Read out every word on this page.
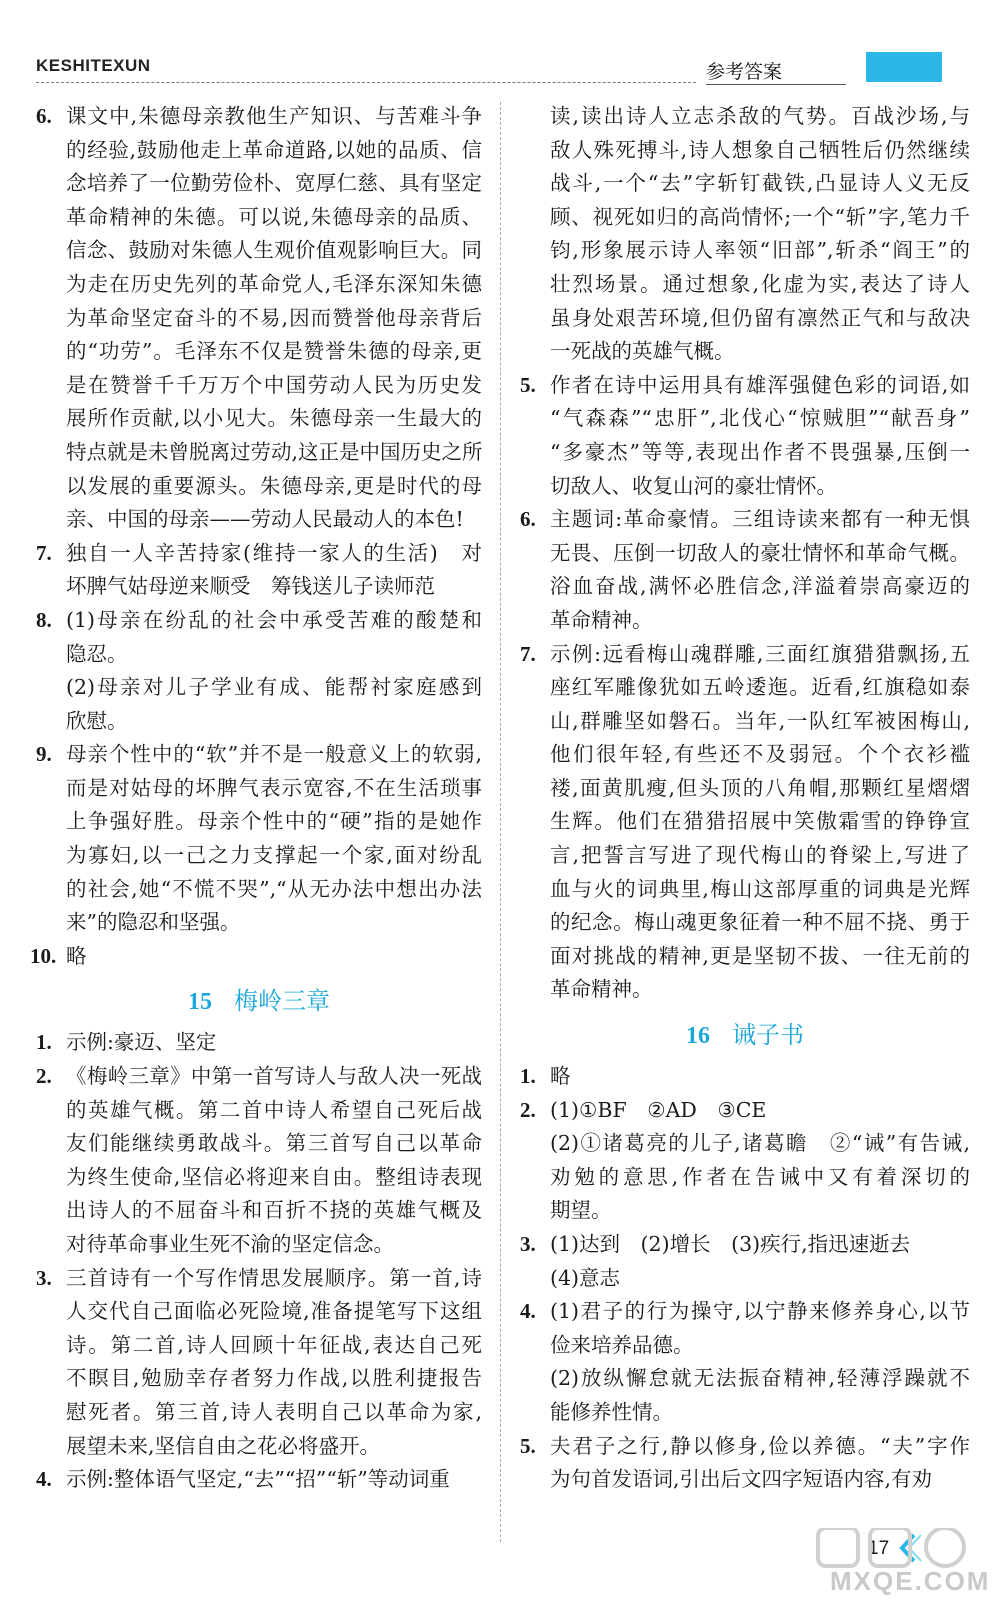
KESHITEXUN	参考答案
6. 课文中,朱德母亲教他生产知识、与苦难斗争
的经验,鼓励他走上革命道路,以她的品质、信
念培养了一位勤劳俭朴、宽厚仁慈、具有坚定
革命精神的朱德。可以说,朱德母亲的品质、
信念、鼓励对朱德人生观价值观影响巨大。同
为走在历史先列的革命党人,毛泽东深知朱德
为革命坚定奋斗的不易,因而赞誉他母亲背后
的“功劳”。毛泽东不仅是赞誉朱德的母亲,更
是在赞誉千千万万个中国劳动人民为历史发
展所作贡献,以小见大。朱德母亲一生最大的
特点就是未曾脱离过劳动,这正是中国历史之所
以发展的重要源头。朱德母亲,更是时代的母
亲、中国的母亲——劳动人民最动人的本色!
7. 独自一人辛苦持家(维持一家人的生活)　对
坏脾气姑母逆来顺受　筹钱送儿子读师范
8. (1)母亲在纷乱的社会中承受苦难的酸楚和
隐忍。
(2)母亲对儿子学业有成、能帮衬家庭感到
欣慰。
9. 母亲个性中的“软”并不是一般意义上的软弱,
而是对姑母的坏脾气表示宽容,不在生活琐事
上争强好胜。母亲个性中的“硬”指的是她作
为寡妇,以一己之力支撑起一个家,面对纷乱
的社会,她“不慌不哭”,“从无办法中想出办法
来”的隐忍和坚强。
10. 略
15 梅岭三章
1. 示例:豪迈、坚定
2. 《梅岭三章》中第一首写诗人与敌人决一死战
的英雄气概。第二首中诗人希望自己死后战
友们能继续勇敢战斗。第三首写自己以革命
为终生使命,坚信必将迎来自由。整组诗表现
出诗人的不屈奋斗和百折不挠的英雄气概及
对待革命事业生死不渝的坚定信念。
3. 三首诗有一个写作情思发展顺序。第一首,诗
人交代自己面临必死险境,准备提笔写下这组
诗。第二首,诗人回顾十年征战,表达自己死
不瞑目,勉励幸存者努力作战,以胜利捷报告
慰死者。第三首,诗人表明自己以革命为家,
展望未来,坚信自由之花必将盛开。
4. 示例:整体语气坚定,“去”“招”“斩”等动词重
读,读出诗人立志杀敌的气势。百战沙场,与
敌人殊死搏斗,诗人想象自己牺牲后仍然继续
战斗,一个“去”字斩钉截铁,凸显诗人义无反
顾、视死如归的高尚情怀;一个“斩”字,笔力千
钧,形象展示诗人率领“旧部”,斩杀“阎王”的
壮烈场景。通过想象,化虚为实,表达了诗人
虽身处艰苦环境,但仍留有凛然正气和与敌决
一死战的英雄气概。
5. 作者在诗中运用具有雄浑强健色彩的词语,如
“气森森”“忠肝”,北伐心“惊贼胆”“献吾身”
“多豪杰”等等,表现出作者不畏强暴,压倒一
切敌人、收复山河的豪壮情怀。
6. 主题词:革命豪情。三组诗读来都有一种无惧
无畏、压倒一切敌人的豪壮情怀和革命气概。
浴血奋战,满怀必胜信念,洋溢着崇高豪迈的
革命精神。
7. 示例:远看梅山魂群雕,三面红旗猎猎飘扬,五
座红军雕像犹如五岭逶迤。近看,红旗稳如泰
山,群雕坚如磐石。当年,一队红军被困梅山,
他们很年轻,有些还不及弱冠。个个衣衫褴
褛,面黄肌瘦,但头顶的八角帽,那颗红星熠熠
生辉。他们在猎猎招展中笑傲霜雪的铮铮宣
言,把誓言写进了现代梅山的脊梁上,写进了
血与火的词典里,梅山这部厚重的词典是光辉
的纪念。梅山魂更象征着一种不屈不挠、勇于
面对挑战的精神,更是坚韧不拔、一往无前的
革命精神。
16 诫子书
1. 略
2. (1)①BF　②AD　③CE
(2)①诸葛亮的儿子,诸葛瞻　②“诫”有告诫,
劝勉的意思,作者在告诫中又有着深切的
期望。
3. (1)达到　(2)增长　(3)疾行,指迅速逝去
(4)意志
4. (1)君子的行为操守,以宁静来修养身心,以节
俭来培养品德。
(2)放纵懈怠就无法振奋精神,轻薄浮躁就不
能修养性情。
5. 夫君子之行,静以修身,俭以养德。“夫”字作
为句首发语词,引出后文四字短语内容,有劝
17
MXQE.COM
